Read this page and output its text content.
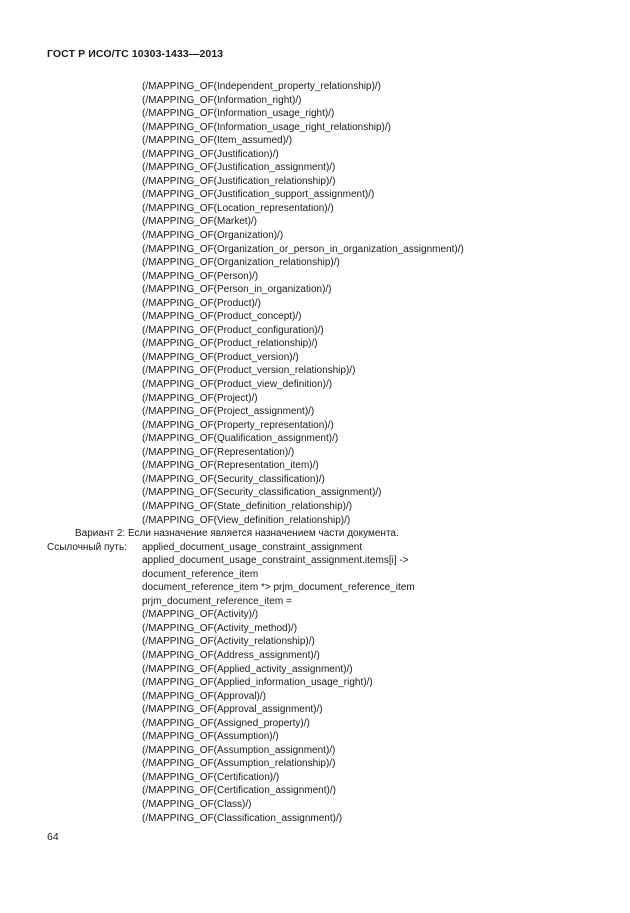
ГОСТ Р ИСО/ТС 10303-1433—2013
(/MAPPING_OF(Independent_property_relationship)/)
(/MAPPING_OF(Information_right)/)
(/MAPPING_OF(Information_usage_right)/)
(/MAPPING_OF(Information_usage_right_relationship)/)
(/MAPPING_OF(Item_assumed)/)
(/MAPPING_OF(Justification)/)
(/MAPPING_OF(Justification_assignment)/)
(/MAPPING_OF(Justification_relationship)/)
(/MAPPING_OF(Justification_support_assignment)/)
(/MAPPING_OF(Location_representation)/)
(/MAPPING_OF(Market)/)
(/MAPPING_OF(Organization)/)
(/MAPPING_OF(Organization_or_person_in_organization_assignment)/)
(/MAPPING_OF(Organization_relationship)/)
(/MAPPING_OF(Person)/)
(/MAPPING_OF(Person_in_organization)/)
(/MAPPING_OF(Product)/)
(/MAPPING_OF(Product_concept)/)
(/MAPPING_OF(Product_configuration)/)
(/MAPPING_OF(Product_relationship)/)
(/MAPPING_OF(Product_version)/)
(/MAPPING_OF(Product_version_relationship)/)
(/MAPPING_OF(Product_view_definition)/)
(/MAPPING_OF(Project)/)
(/MAPPING_OF(Project_assignment)/)
(/MAPPING_OF(Property_representation)/)
(/MAPPING_OF(Qualification_assignment)/)
(/MAPPING_OF(Representation)/)
(/MAPPING_OF(Representation_item)/)
(/MAPPING_OF(Security_classification)/)
(/MAPPING_OF(Security_classification_assignment)/)
(/MAPPING_OF(State_definition_relationship)/)
(/MAPPING_OF(View_definition_relationship)/)
Вариант 2: Если назначение является назначением части документа.
Ссылочный путь:	applied_document_usage_constraint_assignment
applied_document_usage_constraint_assignment.items[i] ->
document_reference_item
document_reference_item *> prjm_document_reference_item
prjm_document_reference_item =
(/MAPPING_OF(Activity)/)
(/MAPPING_OF(Activity_method)/)
(/MAPPING_OF(Activity_relationship)/)
(/MAPPING_OF(Address_assignment)/)
(/MAPPING_OF(Applied_activity_assignment)/)
(/MAPPING_OF(Applied_information_usage_right)/)
(/MAPPING_OF(Approval)/)
(/MAPPING_OF(Approval_assignment)/)
(/MAPPING_OF(Assigned_property)/)
(/MAPPING_OF(Assumption)/)
(/MAPPING_OF(Assumption_assignment)/)
(/MAPPING_OF(Assumption_relationship)/)
(/MAPPING_OF(Certification)/)
(/MAPPING_OF(Certification_assignment)/)
(/MAPPING_OF(Class)/)
(/MAPPING_OF(Classification_assignment)/)
64
